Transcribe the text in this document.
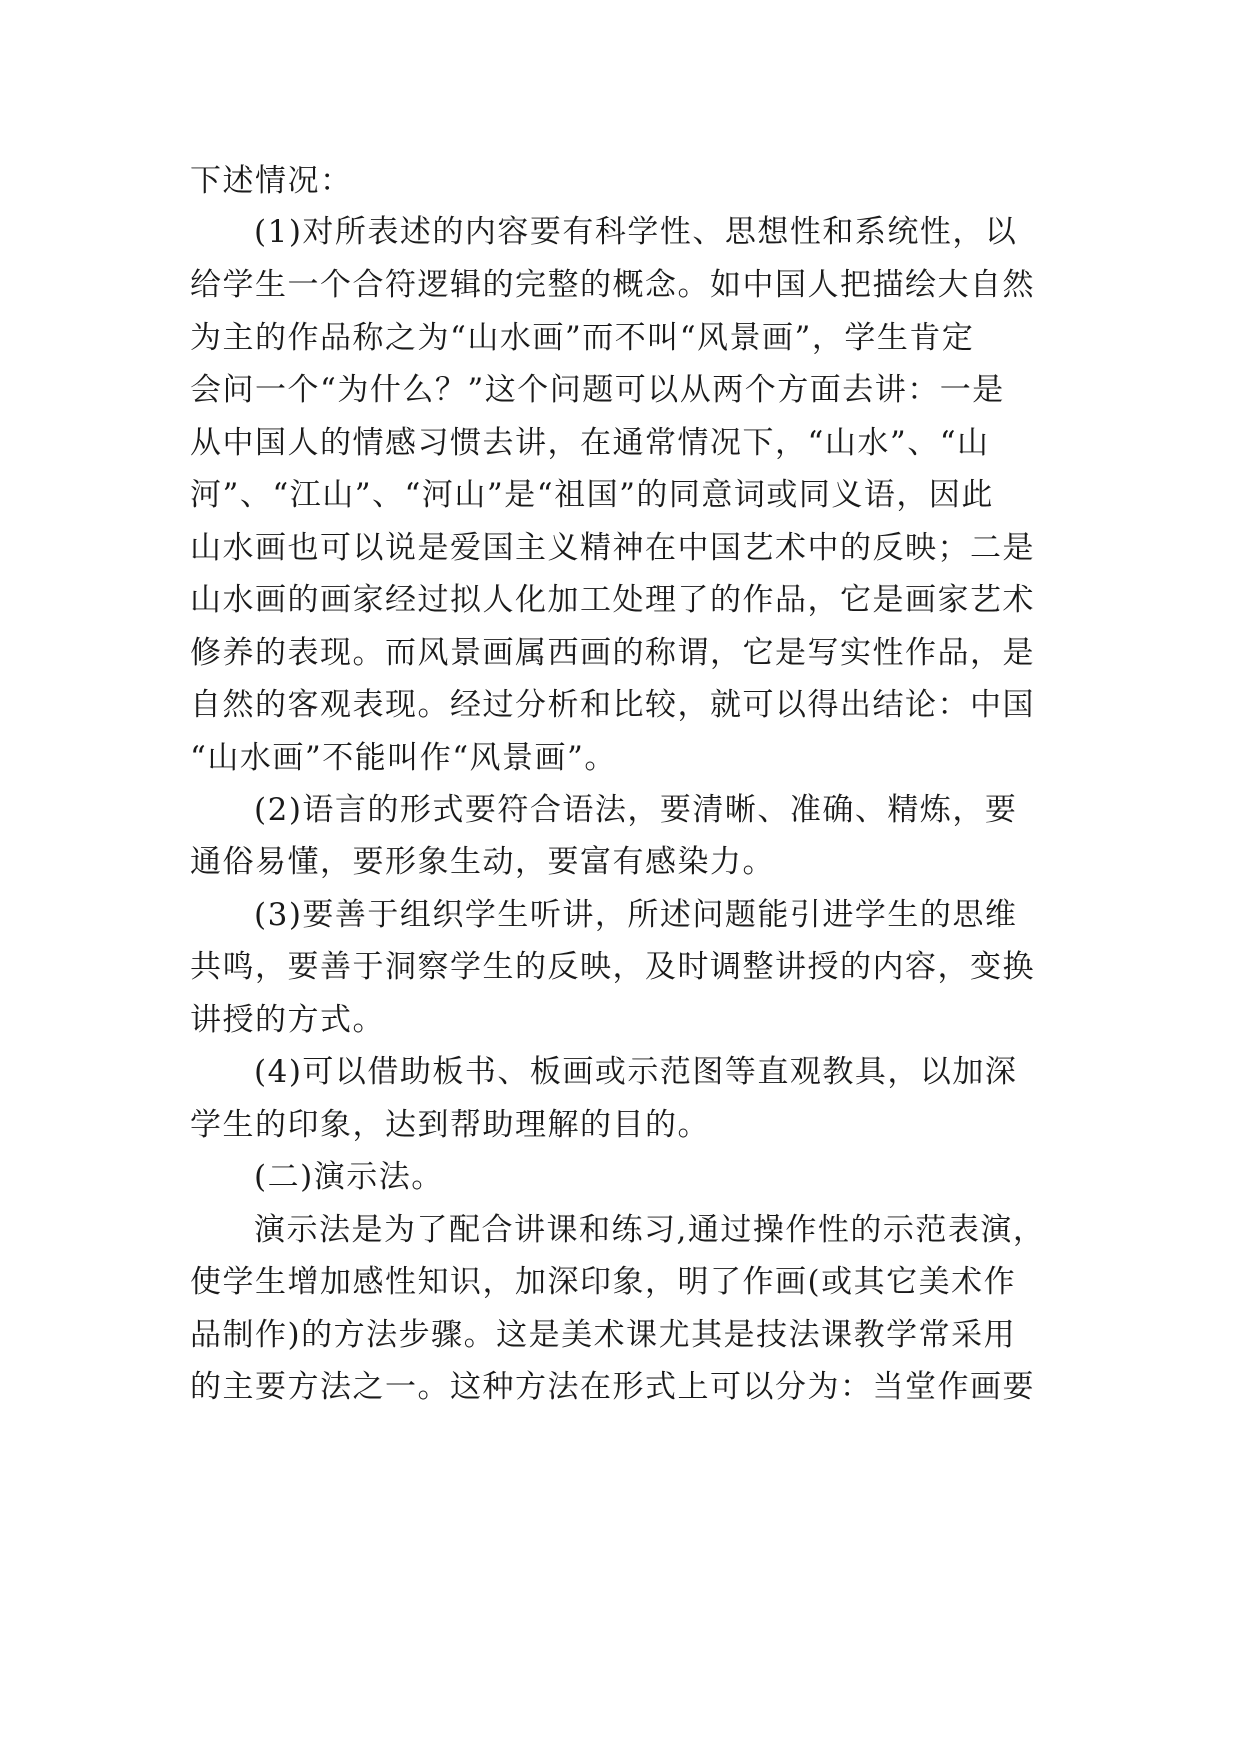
下述情况：
(1)对所表述的内容要有科学性、思想性和系统性，以
给学生一个合符逻辑的完整的概念。如中国人把描绘大自然
为主的作品称之为“山水画”而不叫“风景画”，学生肯定
会问一个“为什么？”这个问题可以从两个方面去讲：一是
从中国人的情感习惯去讲，在通常情况下，“山水”、“山
河”、“江山”、“河山”是“祖国”的同意词或同义语，因此
山水画也可以说是爱国主义精神在中国艺术中的反映；二是
山水画的画家经过拟人化加工处理了的作品，它是画家艺术
修养的表现。而风景画属西画的称谓，它是写实性作品，是
自然的客观表现。经过分析和比较，就可以得出结论：中国
“山水画”不能叫作“风景画”。
(2)语言的形式要符合语法，要清晰、准确、精炼，要
通俗易懂，要形象生动，要富有感染力。
(3)要善于组织学生听讲，所述问题能引进学生的思维
共鸣，要善于洞察学生的反映，及时调整讲授的内容，变换
讲授的方式。
(4)可以借助板书、板画或示范图等直观教具，以加深
学生的印象，达到帮助理解的目的。
(二)演示法。
演示法是为了配合讲课和练习,通过操作性的示范表演，
使学生增加感性知识，加深印象，明了作画(或其它美术作
品制作)的方法步骤。这是美术课尤其是技法课教学常采用
的主要方法之一。这种方法在形式上可以分为：当堂作画要
